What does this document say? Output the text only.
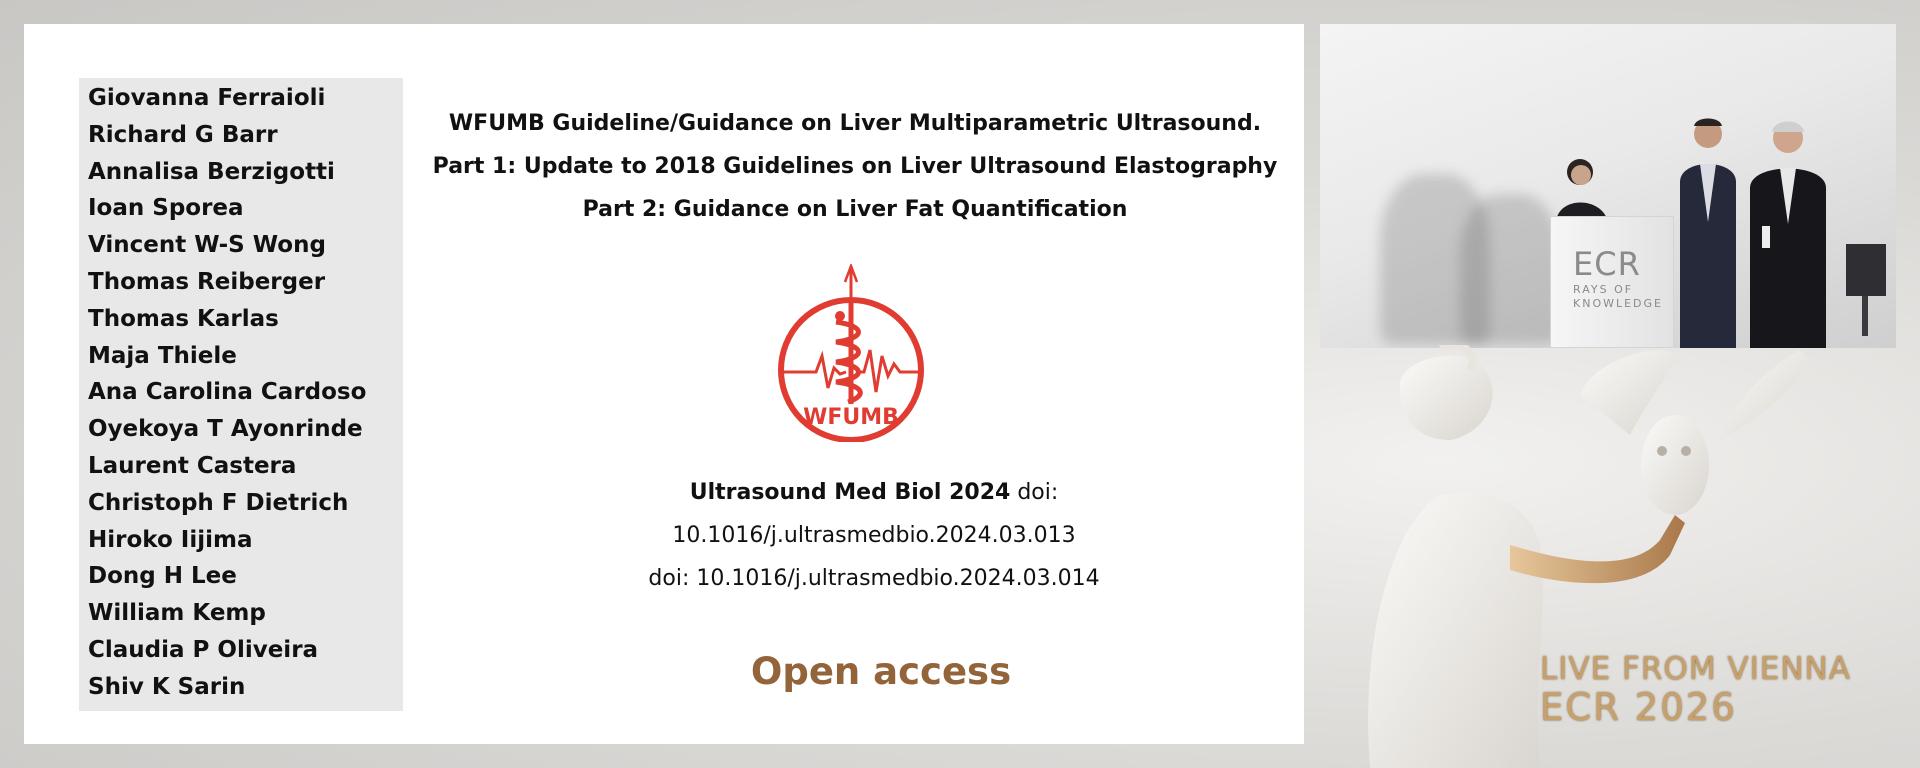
Giovanna Ferraioli
Richard G Barr
Annalisa Berzigotti
Ioan Sporea
Vincent W-S Wong
Thomas Reiberger
Thomas Karlas
Maja Thiele
Ana Carolina Cardoso
Oyekoya T Ayonrinde
Laurent Castera
Christoph F Dietrich
Hiroko Iijima
Dong H Lee
William Kemp
Claudia P Oliveira
Shiv K Sarin
WFUMB Guideline/Guidance on Liver Multiparametric Ultrasound.
Part 1: Update to 2018 Guidelines on Liver Ultrasound Elastography
Part 2: Guidance on Liver Fat Quantification
WFUMB
Ultrasound Med Biol 2024 doi:
10.1016/j.ultrasmedbio.2024.03.013
doi: 10.1016/j.ultrasmedbio.2024.03.014
Open access
ECR
RAYS OF
KNOWLEDGE
LIVE FROM VIENNA
ECR 2026
